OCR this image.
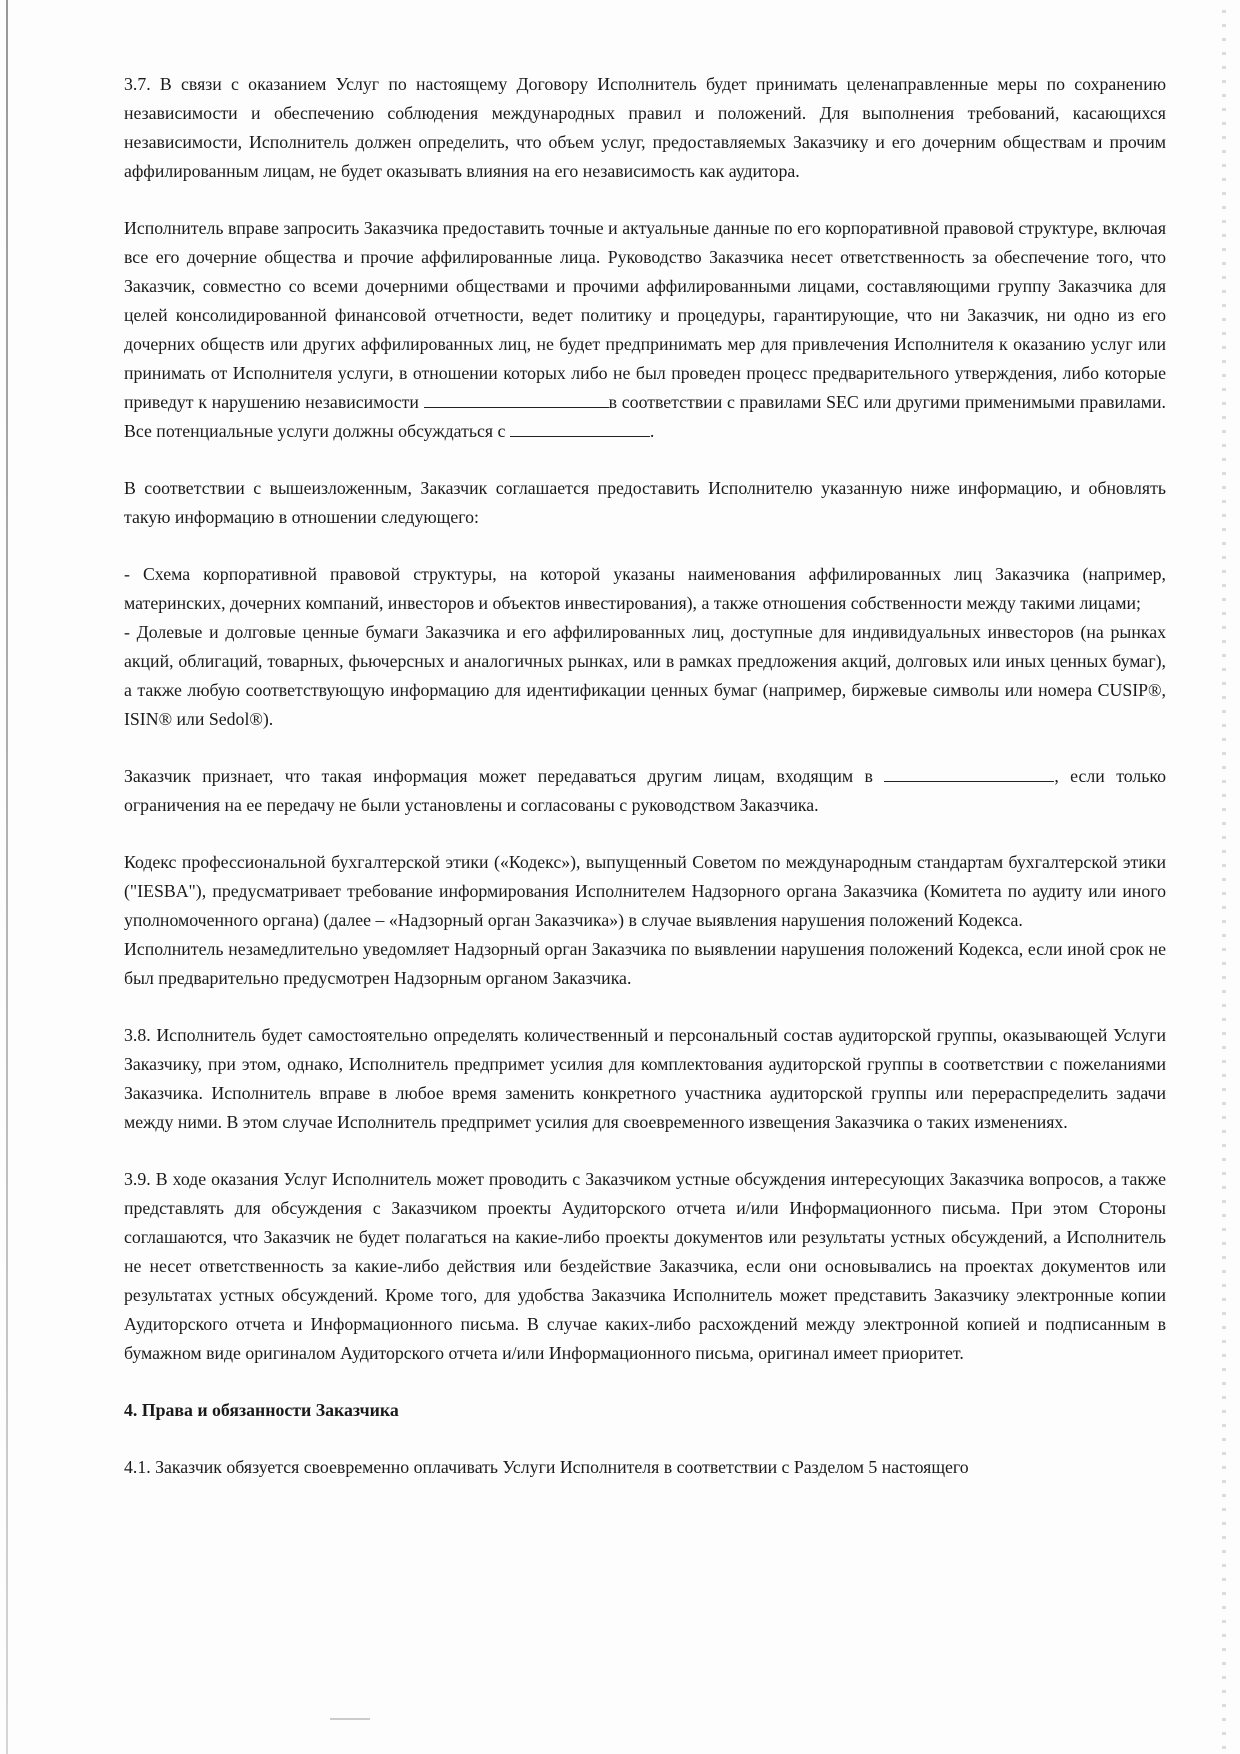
3.7. В связи с оказанием Услуг по настоящему Договору Исполнитель будет принимать целенаправленные меры по сохранению независимости и обеспечению соблюдения международных правил и положений. Для выполнения требований, касающихся независимости, Исполнитель должен определить, что объем услуг, предоставляемых Заказчику и его дочерним обществам и прочим аффилированным лицам, не будет оказывать влияния на его независимость как аудитора.

Исполнитель вправе запросить Заказчика предоставить точные и актуальные данные по его корпоративной правовой структуре, включая все его дочерние общества и прочие аффилированные лица. Руководство Заказчика несет ответственность за обеспечение того, что Заказчик, совместно со всеми дочерними обществами и прочими аффилированными лицами, составляющими группу Заказчика для целей консолидированной финансовой отчетности, ведет политику и процедуры, гарантирующие, что ни Заказчик, ни одно из его дочерних обществ или других аффилированных лиц, не будет предпринимать мер для привлечения Исполнителя к оказанию услуг или принимать от Исполнителя услуги, в отношении которых либо не был проведен процесс предварительного утверждения, либо которые приведут к нарушению независимости	в соответствии с правилами SEC или другими применимыми правилами. Все потенциальные услуги должны обсуждаться с	.

В соответствии с вышеизложенным, Заказчик соглашается предоставить Исполнителю указанную ниже информацию, и обновлять такую информацию в отношении следующего:

- Схема корпоративной правовой структуры, на которой указаны наименования аффилированных лиц Заказчика (например, материнских, дочерних компаний, инвесторов и объектов инвестирования), а также отношения собственности между такими лицами;
- Долевые и долговые ценные бумаги Заказчика и его аффилированных лиц, доступные для индивидуальных инвесторов (на рынках акций, облигаций, товарных, фьючерсных и аналогичных рынках, или в рамках предложения акций, долговых или иных ценных бумаг), а также любую соответствующую информацию для идентификации ценных бумаг (например, биржевые символы или номера CUSIP®, ISIN® или Sedol®).

Заказчик признает, что такая информация может передаваться другим лицам, входящим в	, если только ограничения на ее передачу не были установлены и согласованы с руководством Заказчика.

Кодекс профессиональной бухгалтерской этики («Кодекс»), выпущенный Советом по международным стандартам бухгалтерской этики ("IESBA"), предусматривает требование информирования Исполнителем Надзорного органа Заказчика (Комитета по аудиту или иного уполномоченного органа) (далее – «Надзорный орган Заказчика») в случае выявления нарушения положений Кодекса.

Исполнитель незамедлительно уведомляет Надзорный орган Заказчика по выявлении нарушения положений Кодекса, если иной срок не был предварительно предусмотрен Надзорным органом Заказчика.

3.8. Исполнитель будет самостоятельно определять количественный и персональный состав аудиторской группы, оказывающей Услуги Заказчику, при этом, однако, Исполнитель предпримет усилия для комплектования аудиторской группы в соответствии с пожеланиями Заказчика. Исполнитель вправе в любое время заменить конкретного участника аудиторской группы или перераспределить задачи между ними. В этом случае Исполнитель предпримет усилия для своевременного извещения Заказчика о таких изменениях.

3.9. В ходе оказания Услуг Исполнитель может проводить с Заказчиком устные обсуждения интересующих Заказчика вопросов, а также представлять для обсуждения с Заказчиком проекты Аудиторского отчета и/или Информационного письма. При этом Стороны соглашаются, что Заказчик не будет полагаться на какие-либо проекты документов или результаты устных обсуждений, а Исполнитель не несет ответственность за какие-либо действия или бездействие Заказчика, если они основывались на проектах документов или результатах устных обсуждений. Кроме того, для удобства Заказчика Исполнитель может представить Заказчику электронные копии Аудиторского отчета и Информационного письма. В случае каких-либо расхождений между электронной копией и подписанным в бумажном виде оригиналом Аудиторского отчета и/или Информационного письма, оригинал имеет приоритет.

4. Права и обязанности Заказчика

4.1. Заказчик обязуется своевременно оплачивать Услуги Исполнителя в соответствии с Разделом 5 настоящего
